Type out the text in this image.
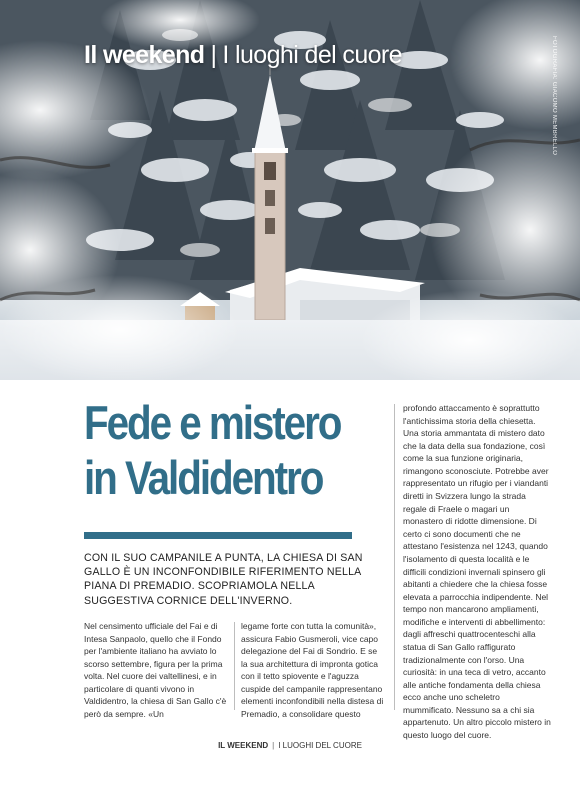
Il weekend | I luoghi del cuore	FOTOGRAFIA: GIACOMO MEMBRELLO
Fede e mistero
in Valdidentro

CON IL SUO CAMPANILE A PUNTA, LA CHIESA DI SAN GALLO È UN INCONFONDIBILE RIFERIMENTO NELLA PIANA DI PREMADIO. SCOPRIAMOLA NELLA SUGGESTIVA CORNICE DELL'INVERNO.

Nel censimento ufficiale del Fai e di Intesa Sanpaolo, quello che il Fondo per l'ambiente italiano ha avviato lo scorso settembre, figura per la prima volta. Nel cuore dei valtellinesi, e in particolare di quanti vivono in Valdidentro, la chiesa di San Gallo c'è però da sempre. «Un

legame forte con tutta la comunità», assicura Fabio Gusmeroli, vice capo delegazione del Fai di Sondrio. E se la sua architettura di impronta gotica con il tetto spiovente e l'aguzza cuspide del campanile rappresentano elementi inconfondibili nella distesa di Premadio, a consolidare questo

profondo attaccamento è soprattutto l'antichissima storia della chiesetta. Una storia ammantata di mistero dato che la data della sua fondazione, così come la sua funzione originaria, rimangono sconosciute. Potrebbe aver rappresentato un rifugio per i viandanti diretti in Svizzera lungo la strada regale di Fraele o magari un monastero di ridotte dimensione. Di certo ci sono documenti che ne attestano l'esistenza nel 1243, quando l'isolamento di questa località e le difficili condizioni invernali spinsero gli abitanti a chiedere che la chiesa fosse elevata a parrocchia indipendente. Nel tempo non mancarono ampliamenti, modifiche e interventi di abbellimento: dagli affreschi quattrocenteschi alla statua di San Gallo raffigurato tradizionalmente con l'orso. Una curiosità: in una teca di vetro, accanto alle antiche fondamenta della chiesa ecco anche uno scheletro mummificato. Nessuno sa a chi sia appartenuto. Un altro piccolo mistero in questo luogo del cuore.

IL WEEKEND | I LUOGHI DEL CUORE
